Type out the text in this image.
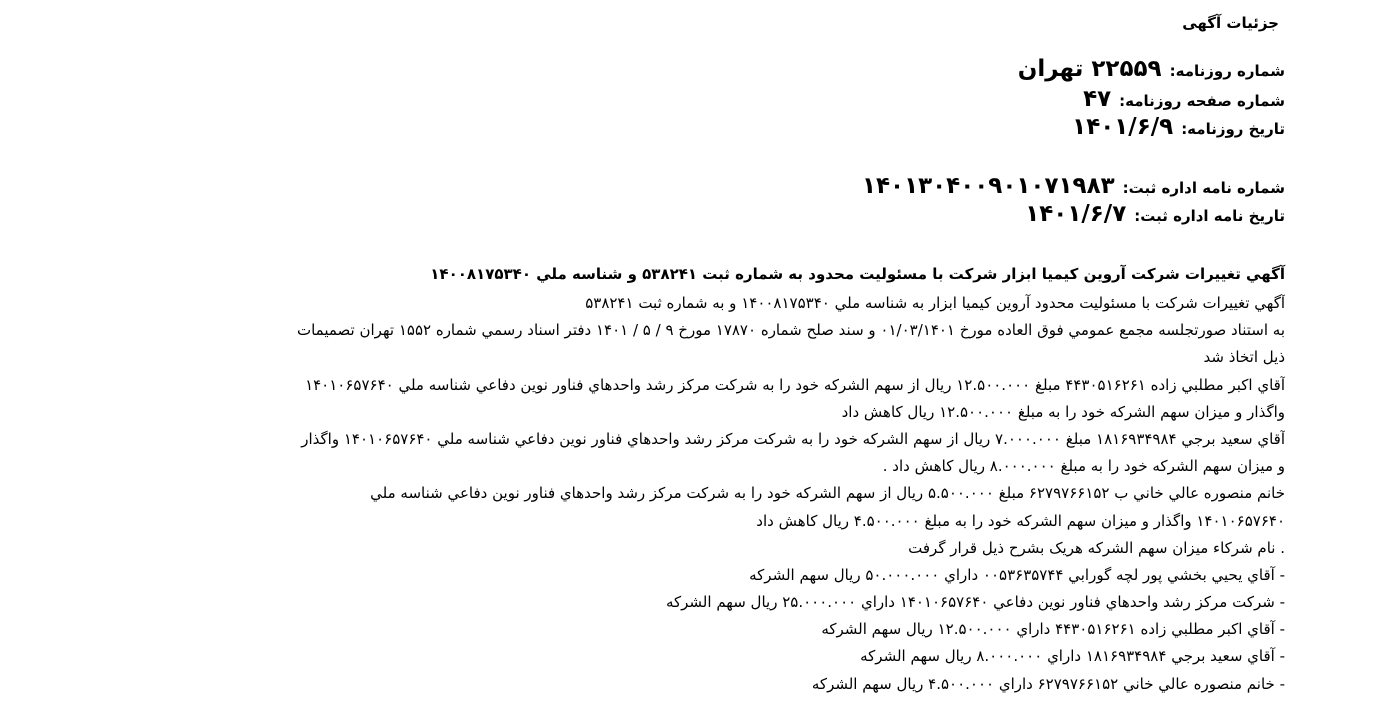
جزئیات آگهی
شماره روزنامه:
۲۲۵۵۹ تهران
شماره صفحه روزنامه:
۴۷
تاریخ روزنامه:
۱۴۰۱/۶/۹
شماره نامه اداره ثبت:
۱۴۰۱۳۰۴۰۰۹۰۱۰۷۱۹۸۳
تاریخ نامه اداره ثبت:
۱۴۰۱/۶/۷
آگهي تغييرات شرکت آروين کيميا ابزار شرکت با مسئوليت محدود به شماره ثبت ۵۳۸۲۴۱ و شناسه ملي ۱۴۰۰۸۱۷۵۳۴۰
آگهي تغييرات شرکت با مسئوليت محدود آروين کيميا ابزار به شناسه ملي ۱۴۰۰۸۱۷۵۳۴۰ و به شماره ثبت ۵۳۸۲۴۱
به استناد صورتجلسه مجمع عمومي فوق العاده مورخ ۰۱/۰۳/۱۴۰۱ و سند صلح شماره ۱۷۸۷۰ مورخ ۹ / ۵ / ۱۴۰۱ دفتر اسناد رسمي شماره ۱۵۵۲ تهران تصميمات
ذيل اتخاذ شد
آقاي اکبر مطلبي زاده ۴۴۳۰۵۱۶۲۶۱ مبلغ ۱۲.۵۰۰.۰۰۰ ريال از سهم الشرکه خود را به شرکت مرکز رشد واحدهاي فناور نوين دفاعي شناسه ملي ۱۴۰۱۰۶۵۷۶۴۰
واگذار و ميزان سهم الشرکه خود را به مبلغ ۱۲.۵۰۰.۰۰۰ ريال کاهش داد
آقاي سعيد برجي ۱۸۱۶۹۳۴۹۸۴ مبلغ ۷.۰۰۰.۰۰۰ ريال از سهم الشرکه خود را به شرکت مرکز رشد واحدهاي فناور نوين دفاعي شناسه ملي ۱۴۰۱۰۶۵۷۶۴۰ واگذار
و ميزان سهم الشرکه خود را به مبلغ ۸.۰۰۰.۰۰۰ ريال کاهش داد .
خانم منصوره عالي خاني ب ۶۲۷۹۷۶۶۱۵۲ مبلغ ۵.۵۰۰.۰۰۰ ريال از سهم الشرکه خود را به شرکت مرکز رشد واحدهاي فناور نوين دفاعي شناسه ملي
۱۴۰۱۰۶۵۷۶۴۰ واگذار و ميزان سهم الشرکه خود را به مبلغ ۴.۵۰۰.۰۰۰ ريال کاهش داد
. نام شرکاء ميزان سهم الشرکه هريک بشرح ذيل قرار گرفت
- آقاي يحيي بخشي پور لچه گورابي ۰۰۵۳۶۳۵۷۴۴ داراي ۵۰.۰۰۰.۰۰۰ ريال سهم الشرکه
- شرکت مرکز رشد واحدهاي فناور نوين دفاعي ۱۴۰۱۰۶۵۷۶۴۰ داراي ۲۵.۰۰۰.۰۰۰ ريال سهم الشرکه
- آقاي اکبر مطلبي زاده ۴۴۳۰۵۱۶۲۶۱ داراي ۱۲.۵۰۰.۰۰۰ ريال سهم الشرکه
- آقاي سعيد برجي ۱۸۱۶۹۳۴۹۸۴ داراي ۸.۰۰۰.۰۰۰ ريال سهم الشرکه
- خانم منصوره عالي خاني ۶۲۷۹۷۶۶۱۵۲ داراي ۴.۵۰۰.۰۰۰ ريال سهم الشرکه
